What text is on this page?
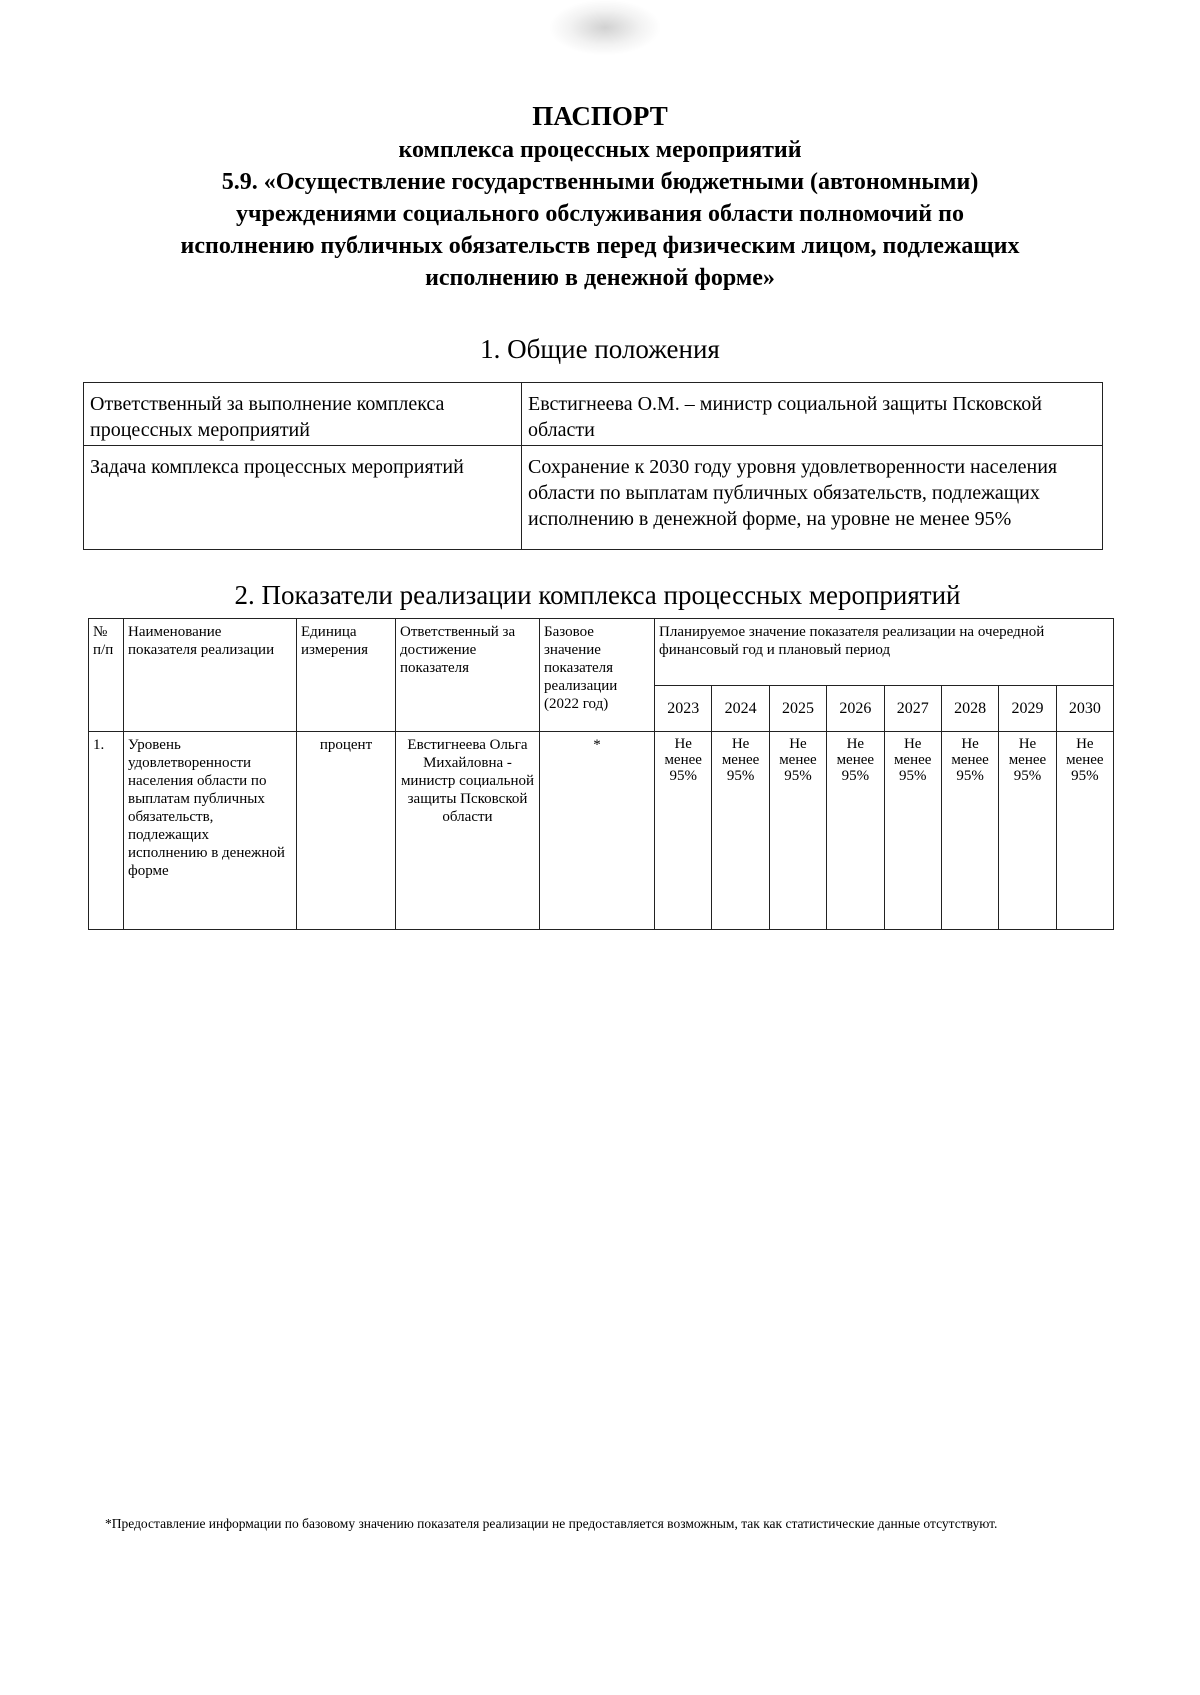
ПАСПОРТ
комплекса процессных мероприятий
5.9. «Осуществление государственными бюджетными (автономными)
учреждениями социального обслуживания области полномочий по
исполнению публичных обязательств перед физическим лицом, подлежащих
исполнению в денежной форме»
1. Общие положения
Ответственный за выполнение комплекса процессных мероприятий	Евстигнеева О.М. – министр социальной защиты Псковской области
Задача комплекса процессных мероприятий	Сохранение к 2030 году уровня удовлетворенности населения области по выплатам публичных обязательств, подлежащих исполнению в денежной форме, на уровне не менее 95%
2. Показатели реализации комплекса процессных мероприятий
№ п/п	Наименование показателя реализации	Единица измерения	Ответственный за достижение показателя	Базовое значение показателя реализации (2022 год)	Планируемое значение показателя реализации на очередной финансовый год и плановый период							
					2023	2024	2025	2026	2027	2028	2029	2030
1.	Уровень удовлетворенности населения области по выплатам публичных обязательств, подлежащих исполнению в денежной форме	процент	Евстигнеева Ольга Михайловна - министр социальной защиты Псковской области	*	Не менее 95%	Не менее 95%	Не менее 95%	Не менее 95%	Не менее 95%	Не менее 95%	Не менее 95%	Не менее 95%
*Предоставление информации по базовому значению показателя реализации не предоставляется возможным, так как статистические данные отсутствуют.
